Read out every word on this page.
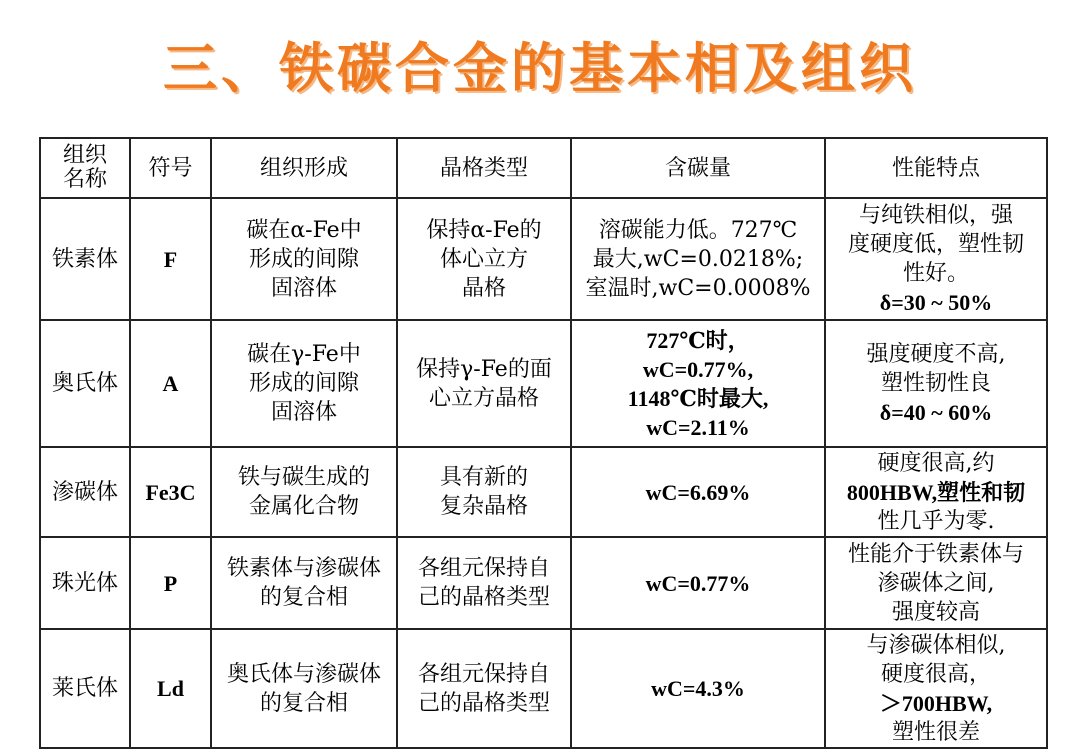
三、铁碳合金的基本相及组织
组织
名称	符号	组织形成	晶格类型	含碳量	性能特点
铁素体	F	碳在α-Fe中
形成的间隙
固溶体	保持α-Fe的
体心立方
晶格	溶碳能力低。727℃
最大,wC=0.0218%;
室温时,wC=0.0008%	与纯铁相似，强
度硬度低，塑性韧
性好。
δ=30 ~ 50%

奥氏体	A	碳在γ-Fe中
形成的间隙
固溶体	保持γ-Fe的面
心立方晶格	727℃时，
wC=0.77%,
1148℃时最大,
wC=2.11%	强度硬度不高,
塑性韧性良
δ=40 ~ 60%

渗碳体	Fe3C	铁与碳生成的
金属化合物	具有新的
复杂晶格	wC=6.69%	硬度很高,约
800HBW,塑性和韧
性几乎为零.

珠光体	P	铁素体与渗碳体
的复合相	各组元保持自
己的晶格类型	wC=0.77%	性能介于铁素体与
渗碳体之间,
强度较高

莱氏体	Ld	奥氏体与渗碳体
的复合相	各组元保持自
己的晶格类型	wC=4.3%	与渗碳体相似,
硬度很高，
＞700HBW,
塑性很差
